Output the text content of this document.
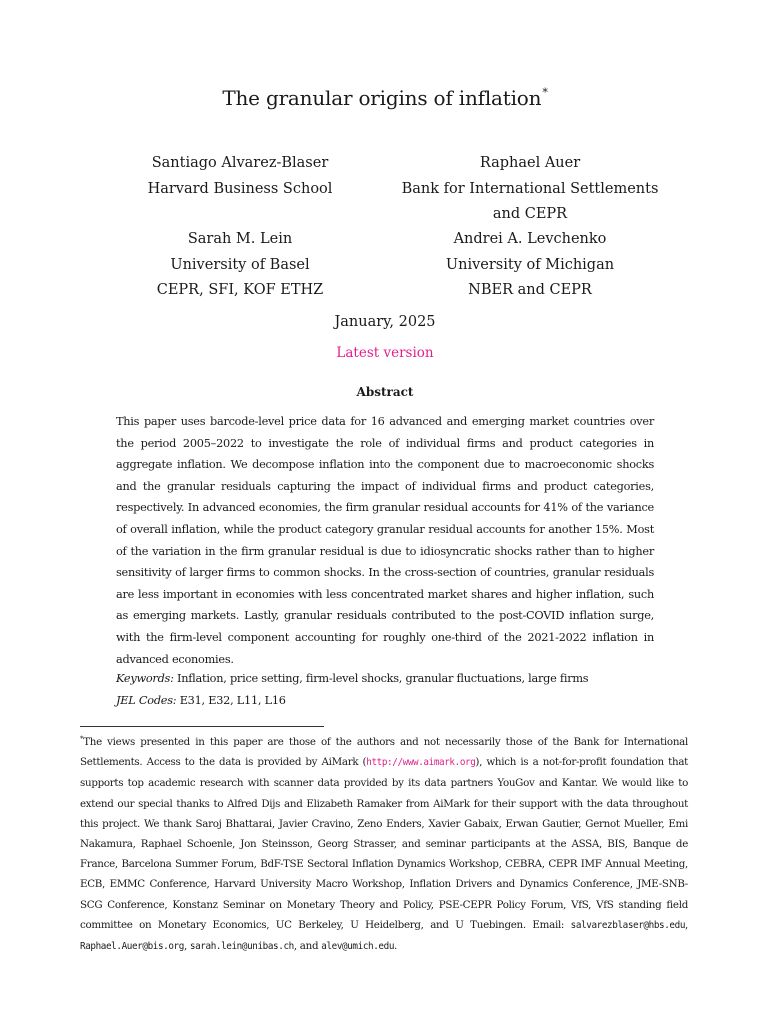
The granular origins of inflation*
Santiago Alvarez-Blaser
Harvard Business School
Raphael Auer
Bank for International Settlements
and CEPR
Sarah M. Lein
University of Basel
CEPR, SFI, KOF ETHZ
Andrei A. Levchenko
University of Michigan
NBER and CEPR
January, 2025
Latest version
Abstract
This paper uses barcode-level price data for 16 advanced and emerging market countries over the period 2005–2022 to investigate the role of individual firms and product categories in aggregate inflation. We decompose inflation into the component due to macroeconomic shocks and the granular residuals capturing the impact of individual firms and product categories, respectively. In advanced economies, the firm granular residual accounts for 41% of the variance of overall inflation, while the product category granular residual accounts for another 15%. Most of the variation in the firm granular residual is due to idiosyncratic shocks rather than to higher sensitivity of larger firms to common shocks. In the cross-section of countries, granular residuals are less important in economies with less concentrated market shares and higher inflation, such as emerging markets. Lastly, granular residuals contributed to the post-COVID inflation surge, with the firm-level component accounting for roughly one-third of the 2021-2022 inflation in advanced economies.
Keywords: Inflation, price setting, firm-level shocks, granular fluctuations, large firms
JEL Codes: E31, E32, L11, L16
*The views presented in this paper are those of the authors and not necessarily those of the Bank for International Settlements. Access to the data is provided by AiMark (http://www.aimark.org), which is a not-for-profit foundation that supports top academic research with scanner data provided by its data partners YouGov and Kantar. We would like to extend our special thanks to Alfred Dijs and Elizabeth Ramaker from AiMark for their support with the data throughout this project. We thank Saroj Bhattarai, Javier Cravino, Zeno Enders, Xavier Gabaix, Erwan Gautier, Gernot Mueller, Emi Nakamura, Raphael Schoenle, Jon Steinsson, Georg Strasser, and seminar participants at the ASSA, BIS, Banque de France, Barcelona Summer Forum, BdF-TSE Sectoral Inflation Dynamics Workshop, CEBRA, CEPR IMF Annual Meeting, ECB, EMMC Conference, Harvard University Macro Workshop, Inflation Drivers and Dynamics Conference, JME-SNB-SCG Conference, Konstanz Seminar on Monetary Theory and Policy, PSE-CEPR Policy Forum, VfS, VfS standing field committee on Monetary Economics, UC Berkeley, U Heidelberg, and U Tuebingen. Email: salvarezblaser@hbs.edu, Raphael.Auer@bis.org, sarah.lein@unibas.ch, and alev@umich.edu.
